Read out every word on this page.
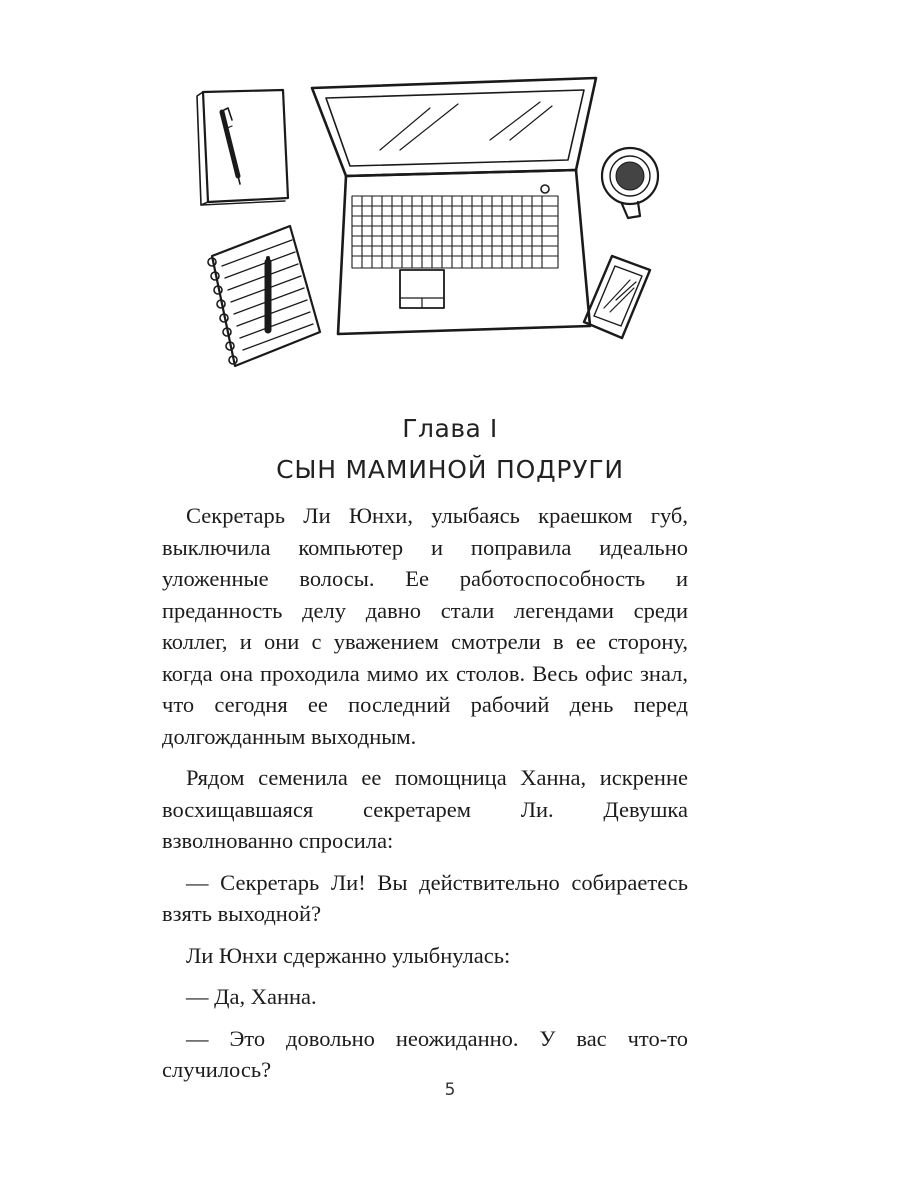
Глава I
СЫН МАМИНОЙ ПОДРУГИ

Секретарь Ли Юнхи, улыбаясь краешком губ, выключила компьютер и поправила идеально уложенные волосы. Ее работоспособность и преданность делу давно стали легендами среди коллег, и они с уважением смотрели в ее сторону, когда она проходила мимо их столов. Весь офис знал, что сегодня ее последний рабочий день перед долгожданным выходным.

Рядом семенила ее помощница Ханна, искренне восхищавшаяся секретарем Ли. Девушка взволнованно спросила:

— Секретарь Ли! Вы действительно собираетесь взять выходной?

Ли Юнхи сдержанно улыбнулась:

— Да, Ханна.

— Это довольно неожиданно. У вас что-то случилось?

5
